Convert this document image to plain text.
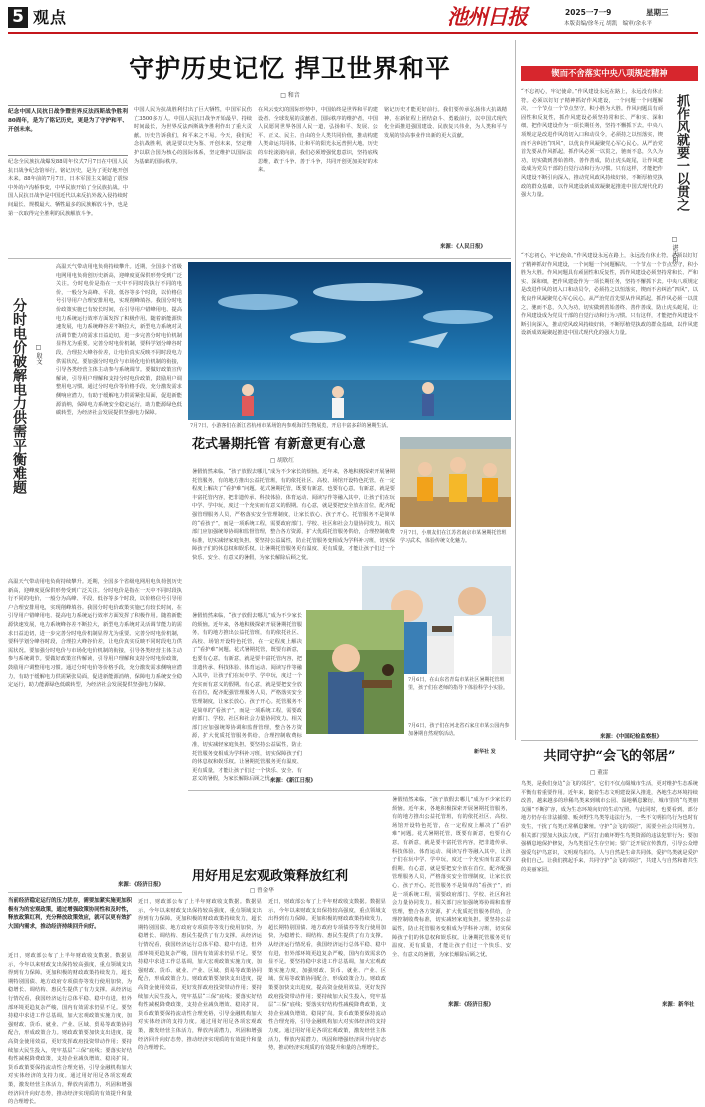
5 观点	池州日报	2025一7一9	星期三
本版责编/徐冬元 胡凯　编审/余永平
守护历史记忆 捍卫世界和平
□ 和音
纪念中国人民抗日战争暨世界反法西斯战争胜利80周年，是为了铭记历史，更是为了守护和平、开创未来。
纪念全民族抗战爆发88周年仪式7月7日在中国人民抗日战争纪念馆举行。铭记历史，是为了更好地开创未来。88年前的7月7日，日本军国主义制造了震惊中外的卢沟桥事变，中华民族开始了全民族抗战。中国人民抗日战争是中国近代以来反抗外敌入侵持续时间最长、规模最大、牺牲最多的民族解放斗争，也是第一次取得完全胜利的民族解放斗争。
中国人民为抗战胜利付出了巨大牺牲，中国军民伤亡3500多万人。中国人民抗日战争开始最早、持续时间最长，为世界反法西斯战争胜利作出了重大贡献。历史告诉我们，和平来之不易。今天，我们纪念抗战胜利，就是要以史为鉴、开创未来，坚定维护以联合国为核心的国际体系，坚定维护以国际法为基础的国际秩序。
在风云变幻的国际形势中，中国始终是世界和平的建设者、全球发展的贡献者、国际秩序的维护者。中国人民愿同世界各国人民一道，弘扬和平、发展、公平、正义、民主、自由的全人类共同价值，推动构建人类命运共同体，让和平的阳光永远普照大地。历史的车轮滚滚向前，我们必须增强忧患意识，坚持底线思维，敢于斗争、善于斗争，共同开创更加美好的未来。
铭记历史才能更好前行。我们要传承弘扬伟大抗战精神，在新征程上团结奋斗、勇毅前行，以中国式现代化全面推进强国建设、民族复兴伟业，为人类和平与发展的崇高事业作出新的更大贡献。
来源：《人民日报》
锲而不舍落实中央八项规定精神
“不忘初心，牢记使命。”作风建设永远在路上，永远没有休止符。必须以钉钉子精神抓好作风建设，一个问题一个问题解决，一个节点一个节点坚守，积小胜为大胜。作风问题具有顽固性和反复性，抓作风建设必须坚持常和长、严和实、深和细，把作风建设作为一项长期任务，坚持不懈抓下去。中央八项规定是改进作风的切入口和动员令，必须持之以恒落实，锲而不舍纠治“四风”，以优良作风凝聚党心军心民心。从严治党首先要从作风抓起，抓作风必须一以贯之，驰而不息，久久为功，切实做到善始善终、善作善成，防止虎头蛇尾，让作风建设成为党员干部的自觉行动和行为习惯。只有这样，才能把作风建设不断引向深入，推动党风政风持续好转，不断厚植党执政的群众基础，以作风建设新成效凝聚起推进中国式现代化的强大力量。	抓作风就要一以贯之
□ 湛天阳
“不忘初心，牢记使命。”作风建设永远在路上，永远没有休止符。必须以钉钉子精神抓好作风建设，一个问题一个问题解决，一个节点一个节点坚守，积小胜为大胜。作风问题具有顽固性和反复性，抓作风建设必须坚持常和长、严和实、深和细，把作风建设作为一项长期任务，坚持不懈抓下去。中央八项规定是改进作风的切入口和动员令，必须持之以恒落实，锲而不舍纠治“四风”，以优良作风凝聚党心军心民心。从严治党首先要从作风抓起，抓作风必须一以贯之，驰而不息，久久为功，切实做到善始善终、善作善成，防止虎头蛇尾，让作风建设成为党员干部的自觉行动和行为习惯。只有这样，才能把作风建设不断引向深入，推动党风政风持续好转，不断厚植党执政的群众基础，以作风建设新成效凝聚起推进中国式现代化的强大力量。
来源：《中国纪检监察报》
分时电价破解电力供需平衡难题 □ 殷文
高温天气带动用电负荷持续攀升。近期，全国多个省级电网用电负荷创历史新高，迎峰度夏保供形势受到广泛关注。分时电价是指在一天中不同时段执行不同的电价，一般分为高峰、平段、低谷等多个时段，以价格信号引导用户合理安排用电，实现削峰填谷。我国分时电价政策实施已有较长时间，在引导用户错峰用电、提高电力系统运行效率方面发挥了积极作用。随着新能源快速发展，电力系统峰谷差不断拉大，新型电力系统对灵活调节能力的需求日益迫切，进一步完善分时电价机制显得尤为重要。完善分时电价机制，要科学划分峰谷时段，合理拉大峰谷价差，让电价真实反映不同时段电力供需状况。要加强分时电价与市场化电价机制的衔接，引导各类经营主体主动参与系统调节。要做好政策宣传解读，引导用户理解和支持分时电价政策，鼓励用户调整用电习惯。通过分时电价等价格手段，充分激发需求侧响应潜力，有助于缓解电力供需紧张局面，促进新能源消纳，保障电力系统安全稳定运行，助力能源绿色低碳转型，为经济社会发展提供坚强电力保障。
高温天气带动用电负荷持续攀升。近期，全国多个省级电网用电负荷创历史新高，迎峰度夏保供形势受到广泛关注。分时电价是指在一天中不同时段执行不同的电价，一般分为高峰、平段、低谷等多个时段，以价格信号引导用户合理安排用电，实现削峰填谷。我国分时电价政策实施已有较长时间，在引导用户错峰用电、提高电力系统运行效率方面发挥了积极作用。随着新能源快速发展，电力系统峰谷差不断拉大，新型电力系统对灵活调节能力的需求日益迫切，进一步完善分时电价机制显得尤为重要。完善分时电价机制，要科学划分峰谷时段，合理拉大峰谷价差，让电价真实反映不同时段电力供需状况。要加强分时电价与市场化电价机制的衔接，引导各类经营主体主动参与系统调节。要做好政策宣传解读，引导用户理解和支持分时电价政策，鼓励用户调整用电习惯。通过分时电价等价格手段，充分激发需求侧响应潜力，有助于缓解电力供需紧张局面，促进新能源消纳，保障电力系统安全稳定运行，助力能源绿色低碳转型，为经济社会发展提供坚强电力保障。
来源：《经济日报》
7月7日，小游客们在浙江省杭州市某场馆内参观海洋生物展览，开启丰富多彩的暑期生活。
花式暑期托管 有新意更有心意
□ 胡欣红
暑假悄然来临，“孩子放假去哪儿”成为不少家长的烦恼。近年来，各地积极探索开展暑期托管服务，有的地方推出公益托管班，有的依托社区、高校、场馆开设特色托管，在一定程度上解决了“看护难”问题。花式暑期托管，既要有新意，也要有心意。有新意，就是要丰富托管内容，把非遗传承、科技体验、体育运动、阅读写作等融入其中，让孩子们在玩中学、学中玩，度过一个充实而有意义的假期。有心意，就是要把安全放在首位，配齐配强管理服务人员，严格落实安全管理制度，让家长放心、孩子开心。托管服务不是简单的“看孩子”，而是一项系统工程，需要政府部门、学校、社区和社会力量协同发力。相关部门应加强统筹协调和监督管理，整合各方资源，扩大优质托管服务供给，合理控制收费标准，切实减轻家庭负担。要坚持公益属性，防止托管服务变相成为学科补习班，切实保障孩子们的休息权和娱乐权。让暑期托管服务更有温度、更有质量，才能让孩子们过一个快乐、安全、有意义的暑假，为家长解除后顾之忧。
暑假悄然来临，“孩子放假去哪儿”成为不少家长的烦恼。近年来，各地积极探索开展暑期托管服务，有的地方推出公益托管班，有的依托社区、高校、场馆开设特色托管，在一定程度上解决了“看护难”问题。花式暑期托管，既要有新意，也要有心意。有新意，就是要丰富托管内容，把非遗传承、科技体验、体育运动、阅读写作等融入其中，让孩子们在玩中学、学中玩，度过一个充实而有意义的假期。有心意，就是要把安全放在首位，配齐配强管理服务人员，严格落实安全管理制度，让家长放心、孩子开心。托管服务不是简单的“看孩子”，而是一项系统工程，需要政府部门、学校、社区和社会力量协同发力。相关部门应加强统筹协调和监督管理，整合各方资源，扩大优质托管服务供给，合理控制收费标准，切实减轻家庭负担。要坚持公益属性，防止托管服务变相成为学科补习班，切实保障孩子们的休息权和娱乐权。让暑期托管服务更有温度、更有质量，才能让孩子们过一个快乐、安全、有意义的暑假，为家长解除后顾之忧。
来源：《新江日报》
7月7日，小朋友们在江苏省南京市某暑期托管班学习武术，体验传统文化魅力。
7月6日，在山东省青岛市某社区暑期托管班里，孩子们在老师的指导下体验科学小实验。
7月6日，孩子们在河北省石家庄市某公园内参加暑期自然观察活动。
新华社 发
用好用足宏观政策释放红利
□ 曾金华
当前经济稳定运行的压力犹存，需要加紧实施更加积极有为的宏观政策，通过增强政策协同性和及时性，释放政策红利，充分释放政策效应，就可以更有效扩大国内需求，推动经济持续回升向好。
近日，财政部公布了上半年财政收支数据。数据显示，今年以来财政支出保持较高强度，重点领域支出得到有力保障。更加积极的财政政策持续发力，超长期特别国债、地方政府专项债券等发行使用加快，为稳增长、调结构、惠民生提供了有力支撑。从经济运行情况看，我国经济运行总体平稳、稳中有进，但外部环境更趋复杂严峻，国内有效需求仍显不足。要坚持稳中求进工作总基调，加大宏观政策实施力度，加强财政、货币、就业、产业、区域、贸易等政策协同配合，形成政策合力。财政政策要加快支出进度，提高资金使用效益，更好发挥政府投资带动作用；要持续加大民生投入，兜牢基层“三保”底线；要落实好结构性减税降费政策，支持企业减负增效、稳岗扩岗。货币政策要保持流动性合理充裕，引导金融机构加大对实体经济的支持力度。通过用好用足各项宏观政策，激发经营主体活力，释放内需潜力，巩固和增强经济回升向好态势，推动经济实现质的有效提升和量的合理增长。
近日，财政部公布了上半年财政收支数据。数据显示，今年以来财政支出保持较高强度，重点领域支出得到有力保障。更加积极的财政政策持续发力，超长期特别国债、地方政府专项债券等发行使用加快，为稳增长、调结构、惠民生提供了有力支撑。从经济运行情况看，我国经济运行总体平稳、稳中有进，但外部环境更趋复杂严峻，国内有效需求仍显不足。要坚持稳中求进工作总基调，加大宏观政策实施力度，加强财政、货币、就业、产业、区域、贸易等政策协同配合，形成政策合力。财政政策要加快支出进度，提高资金使用效益，更好发挥政府投资带动作用；要持续加大民生投入，兜牢基层“三保”底线；要落实好结构性减税降费政策，支持企业减负增效、稳岗扩岗。货币政策要保持流动性合理充裕，引导金融机构加大对实体经济的支持力度。通过用好用足各项宏观政策，激发经营主体活力，释放内需潜力，巩固和增强经济回升向好态势，推动经济实现质的有效提升和量的合理增长。
近日，财政部公布了上半年财政收支数据。数据显示，今年以来财政支出保持较高强度，重点领域支出得到有力保障。更加积极的财政政策持续发力，超长期特别国债、地方政府专项债券等发行使用加快，为稳增长、调结构、惠民生提供了有力支撑。从经济运行情况看，我国经济运行总体平稳、稳中有进，但外部环境更趋复杂严峻，国内有效需求仍显不足。要坚持稳中求进工作总基调，加大宏观政策实施力度，加强财政、货币、就业、产业、区域、贸易等政策协同配合，形成政策合力。财政政策要加快支出进度，提高资金使用效益，更好发挥政府投资带动作用；要持续加大民生投入，兜牢基层“三保”底线；要落实好结构性减税降费政策，支持企业减负增效、稳岗扩岗。货币政策要保持流动性合理充裕，引导金融机构加大对实体经济的支持力度。通过用好用足各项宏观政策，激发经营主体活力，释放内需潜力，巩固和增强经济回升向好态势，推动经济实现质的有效提升和量的合理增长。
暑假悄然来临，“孩子放假去哪儿”成为不少家长的烦恼。近年来，各地积极探索开展暑期托管服务，有的地方推出公益托管班，有的依托社区、高校、场馆开设特色托管，在一定程度上解决了“看护难”问题。花式暑期托管，既要有新意，也要有心意。有新意，就是要丰富托管内容，把非遗传承、科技体验、体育运动、阅读写作等融入其中，让孩子们在玩中学、学中玩，度过一个充实而有意义的假期。有心意，就是要把安全放在首位，配齐配强管理服务人员，严格落实安全管理制度，让家长放心、孩子开心。托管服务不是简单的“看孩子”，而是一项系统工程，需要政府部门、学校、社区和社会力量协同发力。相关部门应加强统筹协调和监督管理，整合各方资源，扩大优质托管服务供给，合理控制收费标准，切实减轻家庭负担。要坚持公益属性，防止托管服务变相成为学科补习班，切实保障孩子们的休息权和娱乐权。让暑期托管服务更有温度、更有质量，才能让孩子们过一个快乐、安全、有意义的暑假，为家长解除后顾之忧。
来源：《经济日报》
共同守护“会飞的邻居”
□ 董雷
鸟类，是我们身边“会飞的邻居”，它们不仅点缀城市生活，更对维护生态系统平衡有着重要作用。近年来，随着生态文明建设深入推进，各地生态环境持续改善，越来越多的珍稀鸟类来到城市公园、湿地栖息繁衍，城市里的“鸟类朋友圈”不断扩容，成为生态环境向好的生动写照。与此同时，也要看到，部分地方仍存在非法捕猎、贩卖野生鸟类等违法行为，一些不文明拍鸟行为也时有发生，干扰了鸟类正常栖息繁殖。守护“会飞的邻居”，需要全社会共同努力。相关部门要加大执法力度，严厉打击破坏野生鸟类资源的违法犯罪行为；要加强栖息地保护修复，为鸟类留足生存空间；要广泛开展宣传教育，引导公众增强爱鸟护鸟意识，文明观鸟拍鸟。人与自然是生命共同体，爱护鸟类就是爱护我们自己。让我们携起手来，共同守护“会飞的邻居”，共建人与自然和谐共生的美丽家园。
来源：新华社
